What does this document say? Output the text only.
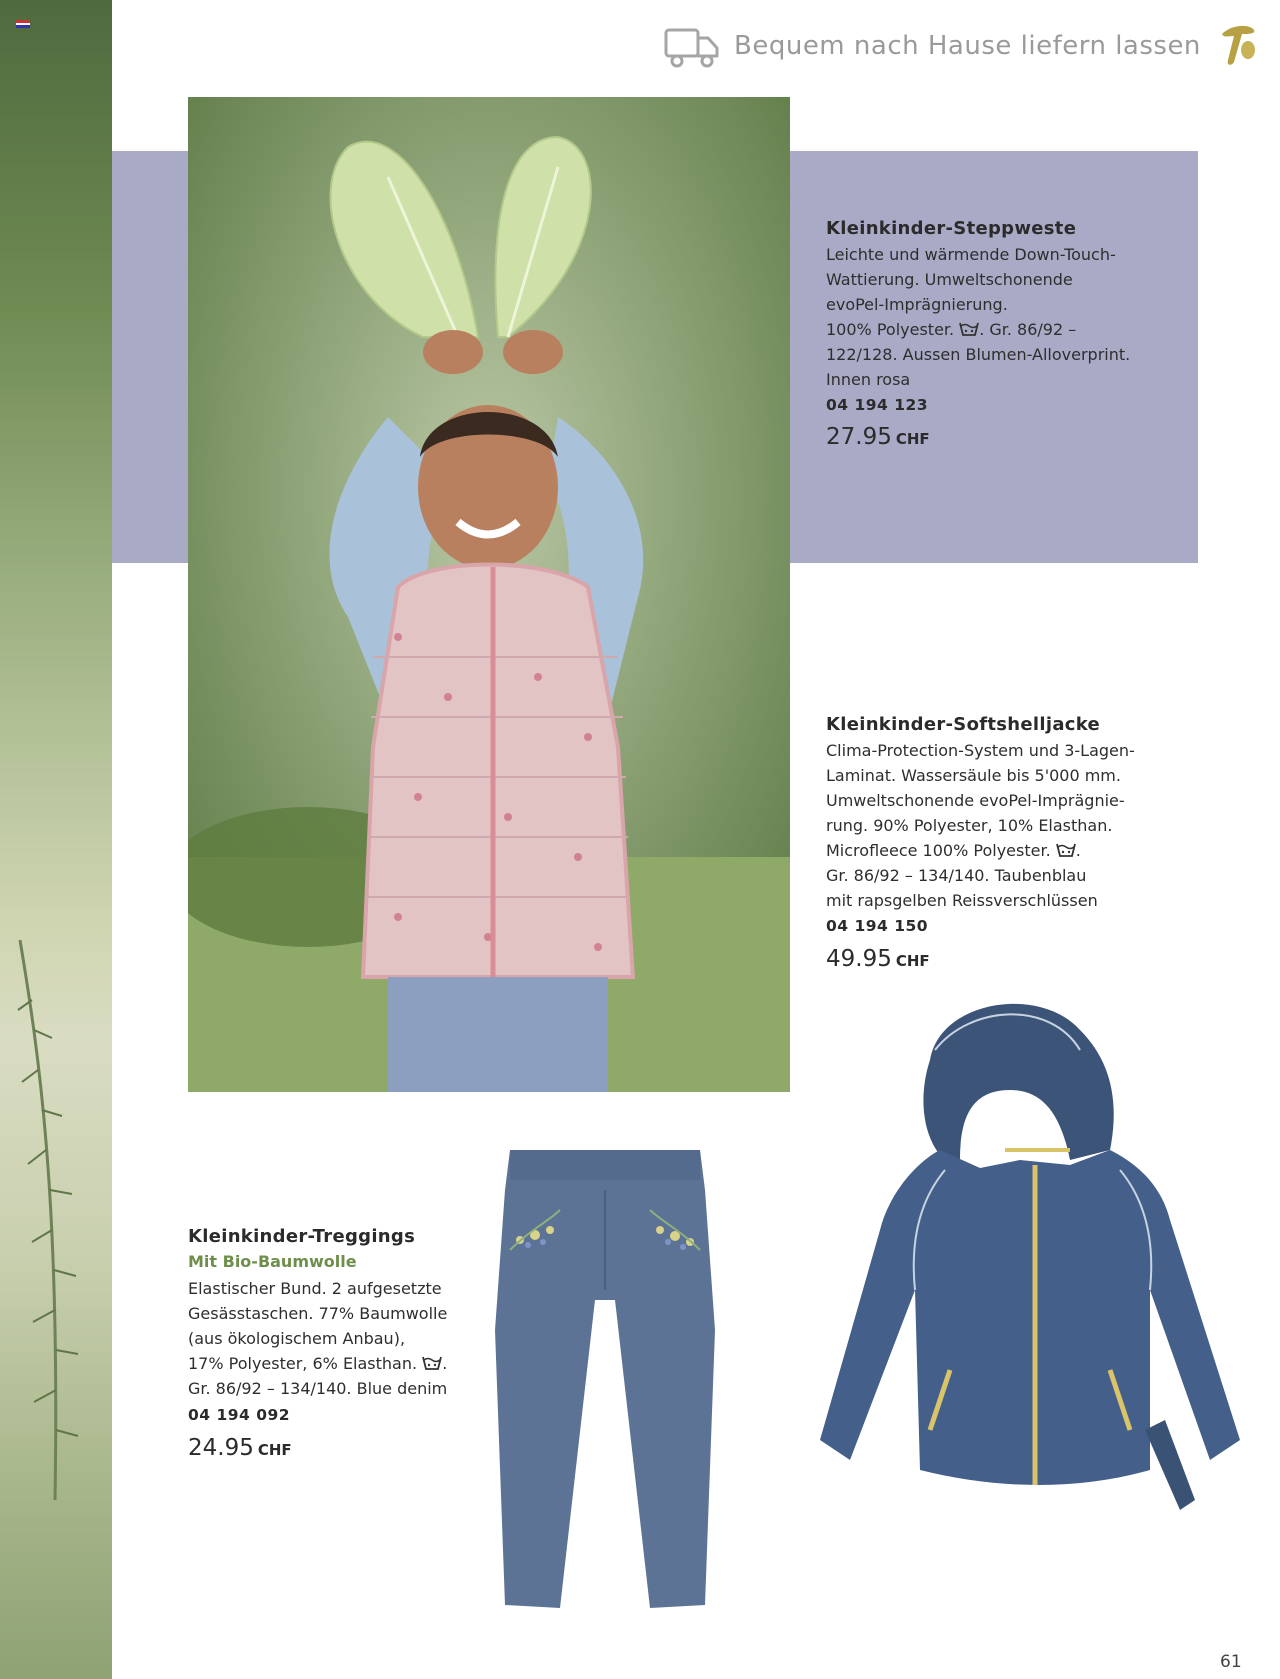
Bequem nach Hause liefern lassen
Kleinkinder-Steppweste
Leichte und wärmende Down-Touch-
Wattierung. Umweltschonende
evoPel-Imprägnierung.
100% Polyester. . Gr. 86/92 –
122/128. Aussen Blumen-Alloverprint.
Innen rosa
04 194 123
27.95 CHF
Kleinkinder-Softshelljacke
Clima-Protection-System und 3-Lagen-
Laminat. Wassersäule bis 5'000 mm.
Umweltschonende evoPel-Imprägnie-
rung. 90% Polyester, 10% Elasthan.
Microfleece 100% Polyester. .
Gr. 86/92 – 134/140. Taubenblau
mit rapsgelben Reissverschlüssen
04 194 150
49.95 CHF
Kleinkinder-Treggings
Mit Bio-Baumwolle
Elastischer Bund. 2 aufgesetzte
Gesässtaschen. 77% Baumwolle
(aus ökologischem Anbau),
17% Polyester, 6% Elasthan. .
Gr. 86/92 – 134/140. Blue denim
04 194 092
24.95 CHF
61
